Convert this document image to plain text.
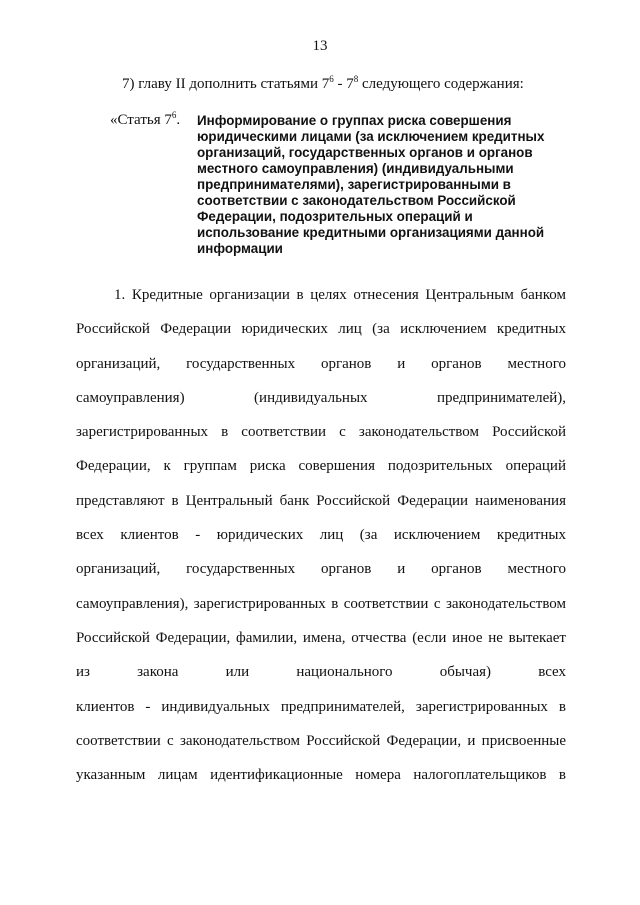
13
7) главу II дополнить статьями $7^6 - 7^8$ следующего содержания:
«Статья $7^6$. Информирование о группах риска совершения
юридическими лицами (за исключением кредитных
организаций, государственных органов и органов
местного самоуправления) (индивидуальными
предпринимателями), зарегистрированными в
соответствии с законодательством Российской
Федерации, подозрительных операций и
использование кредитными организациями данной
информации
1. Кредитные организации в целях отнесения Центральным банком
Российской Федерации юридических лиц (за исключением кредитных
организаций, государственных органов и органов местного
самоуправления) (индивидуальных предпринимателей),
зарегистрированных в соответствии с законодательством Российской
Федерации, к группам риска совершения подозрительных операций
представляют в Центральный банк Российской Федерации наименования
всех клиентов - юридических лиц (за исключением кредитных
организаций, государственных органов и органов местного
самоуправления), зарегистрированных в соответствии с законодательством
Российской Федерации, фамилии, имена, отчества (если иное не вытекает
из закона или национального обычая) всех
клиентов - индивидуальных предпринимателей, зарегистрированных в
соответствии с законодательством Российской Федерации, и присвоенные
указанным лицам идентификационные номера налогоплательщиков в
